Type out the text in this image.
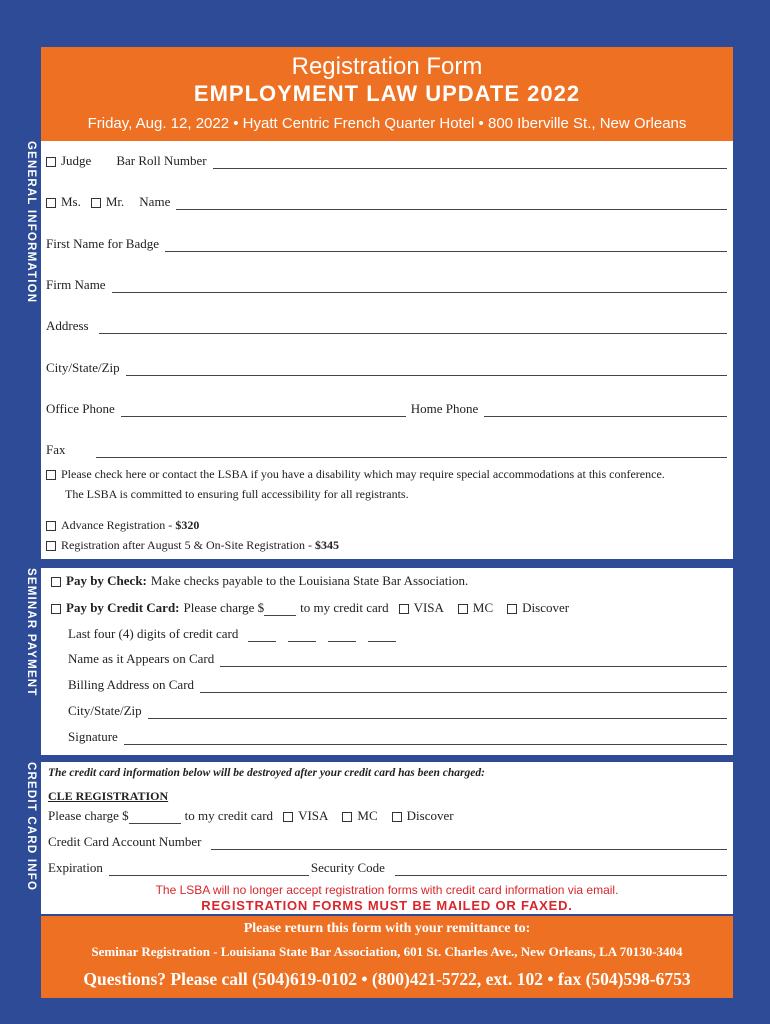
Registration Form
EMPLOYMENT LAW UPDATE 2022
Friday, Aug. 12, 2022 • Hyatt Centric French Quarter Hotel • 800 Iberville St., New Orleans
GENERAL INFORMATION
SEMINAR PAYMENT
CREDIT CARD INFO
Judge Bar Roll Number
Ms. Mr. Name
First Name for Badge
Firm Name
Address
City/State/Zip
Office Phone	Home Phone
Fax
Please check here or contact the LSBA if you have a disability which may require special accommodations at this conference.
The LSBA is committed to ensuring full accessibility for all registrants.
Advance Registration - $320
Registration after August 5 & On-Site Registration - $345
Pay by Check: Make checks payable to the Louisiana State Bar Association.
Pay by Credit Card: Please charge $	to my credit card VISA MC Discover
Last four (4) digits of credit card
Name as it Appears on Card
Billing Address on Card
City/State/Zip
Signature
The credit card information below will be destroyed after your credit card has been charged:
CLE REGISTRATION
Please charge $	to my credit card VISA MC Discover
Credit Card Account Number
Expiration	Security Code
The LSBA will no longer accept registration forms with credit card information via email.
REGISTRATION FORMS MUST BE MAILED OR FAXED.
Please return this form with your remittance to:
Seminar Registration - Louisiana State Bar Association, 601 St. Charles Ave., New Orleans, LA 70130-3404
Questions? Please call (504)619-0102 • (800)421-5722, ext. 102 • fax (504)598-6753
